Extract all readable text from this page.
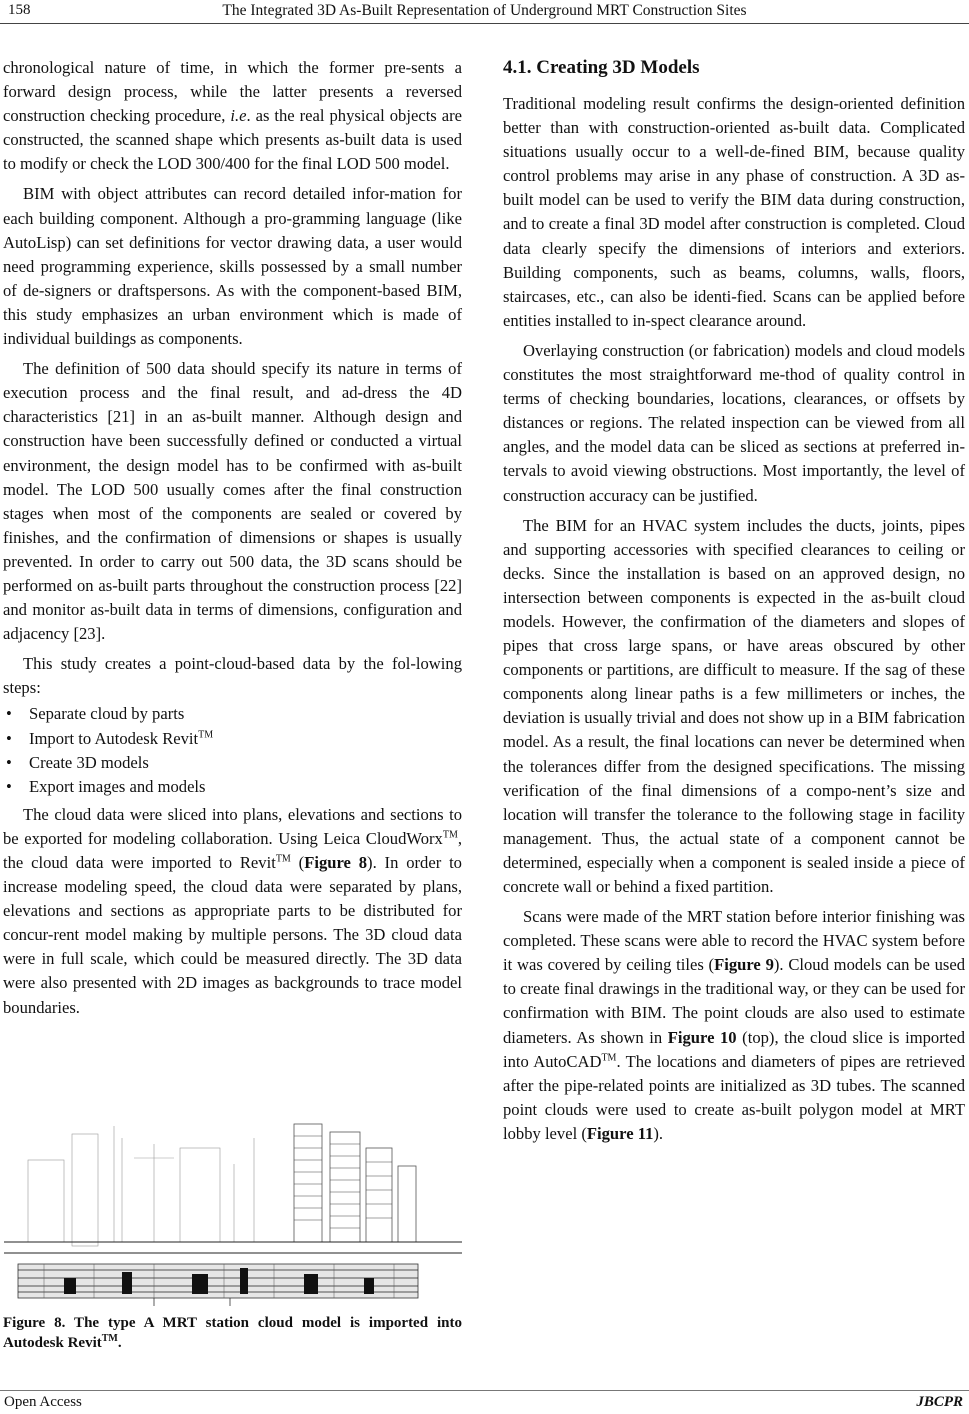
158	The Integrated 3D As-Built Representation of Underground MRT Construction Sites

chronological nature of time, in which the former pre-sents a forward design process, while the latter presents a reversed construction checking procedure, i.e. as the real physical objects are constructed, the scanned shape which presents as-built data is used to modify or check the LOD 300/400 for the final LOD 500 model.

BIM with object attributes can record detailed infor-mation for each building component. Although a pro-gramming language (like AutoLisp) can set definitions for vector drawing data, a user would need programming experience, skills possessed by a small number of de-signers or draftspersons. As with the component-based BIM, this study emphasizes an urban environment which is made of individual buildings as components.

The definition of 500 data should specify its nature in terms of execution process and the final result, and ad-dress the 4D characteristics [21] in an as-built manner. Although design and construction have been successfully defined or conducted a virtual environment, the design model has to be confirmed with as-built model. The LOD 500 usually comes after the final construction stages when most of the components are sealed or covered by finishes, and the confirmation of dimensions or shapes is usually prevented. In order to carry out 500 data, the 3D scans should be performed on as-built parts throughout the construction process [22] and monitor as-built data in terms of dimensions, configuration and adjacency [23].

This study creates a point-cloud-based data by the fol-lowing steps:

• Separate cloud by parts
• Import to Autodesk Revit™
• Create 3D models
• Export images and models

The cloud data were sliced into plans, elevations and sections to be exported for modeling collaboration. Using Leica CloudWorx™, the cloud data were imported to Revit™ (Figure 8). In order to increase modeling speed, the cloud data were separated by plans, elevations and sections as appropriate parts to be distributed for concur-rent model making by multiple persons. The 3D cloud data were in full scale, which could be measured directly. The 3D data were also presented with 2D images as backgrounds to trace model boundaries.

Figure 8. The type A MRT station cloud model is imported into Autodesk Revit™.
4.1. Creating 3D Models

Traditional modeling result confirms the design-oriented definition better than with construction-oriented as-built data. Complicated situations usually occur to a well-de-fined BIM, because quality control problems may arise in any phase of construction. A 3D as-built model can be used to verify the BIM data during construction, and to create a final 3D model after construction is completed. Cloud data clearly specify the dimensions of interiors and exteriors. Building components, such as beams, columns, walls, floors, staircases, etc., can also be identi-fied. Scans can be applied before entities installed to in-spect clearance around.

Overlaying construction (or fabrication) models and cloud models constitutes the most straightforward me-thod of quality control in terms of checking boundaries, locations, clearances, or offsets by distances or regions. The related inspection can be viewed from all angles, and the model data can be sliced as sections at preferred in-tervals to avoid viewing obstructions. Most importantly, the level of construction accuracy can be justified.

The BIM for an HVAC system includes the ducts, joints, pipes and supporting accessories with specified clearances to ceiling or decks. Since the installation is based on an approved design, no intersection between components is expected in the as-built cloud models. However, the confirmation of the diameters and slopes of pipes that cross large spans, or have areas obscured by other components or partitions, are difficult to measure. If the sag of these components along linear paths is a few millimeters or inches, the deviation is usually trivial and does not show up in a BIM fabrication model. As a result, the final locations can never be determined when the tolerances differ from the designed specifications. The missing verification of the final dimensions of a compo-nent’s size and location will transfer the tolerance to the following stage in facility management. Thus, the actual state of a component cannot be determined, especially when a component is sealed inside a piece of concrete wall or behind a fixed partition.

Scans were made of the MRT station before interior finishing was completed. These scans were able to record the HVAC system before it was covered by ceiling tiles (Figure 9). Cloud models can be used to create final drawings in the traditional way, or they can be used for confirmation with BIM. The point clouds are also used to estimate diameters. As shown in Figure 10 (top), the cloud slice is imported into AutoCAD™. The locations and diameters of pipes are retrieved after the pipe-related points are initialized as 3D tubes. The scanned point clouds were used to create as-built polygon model at MRT lobby level (Figure 11).

Open Access	JBCPR
